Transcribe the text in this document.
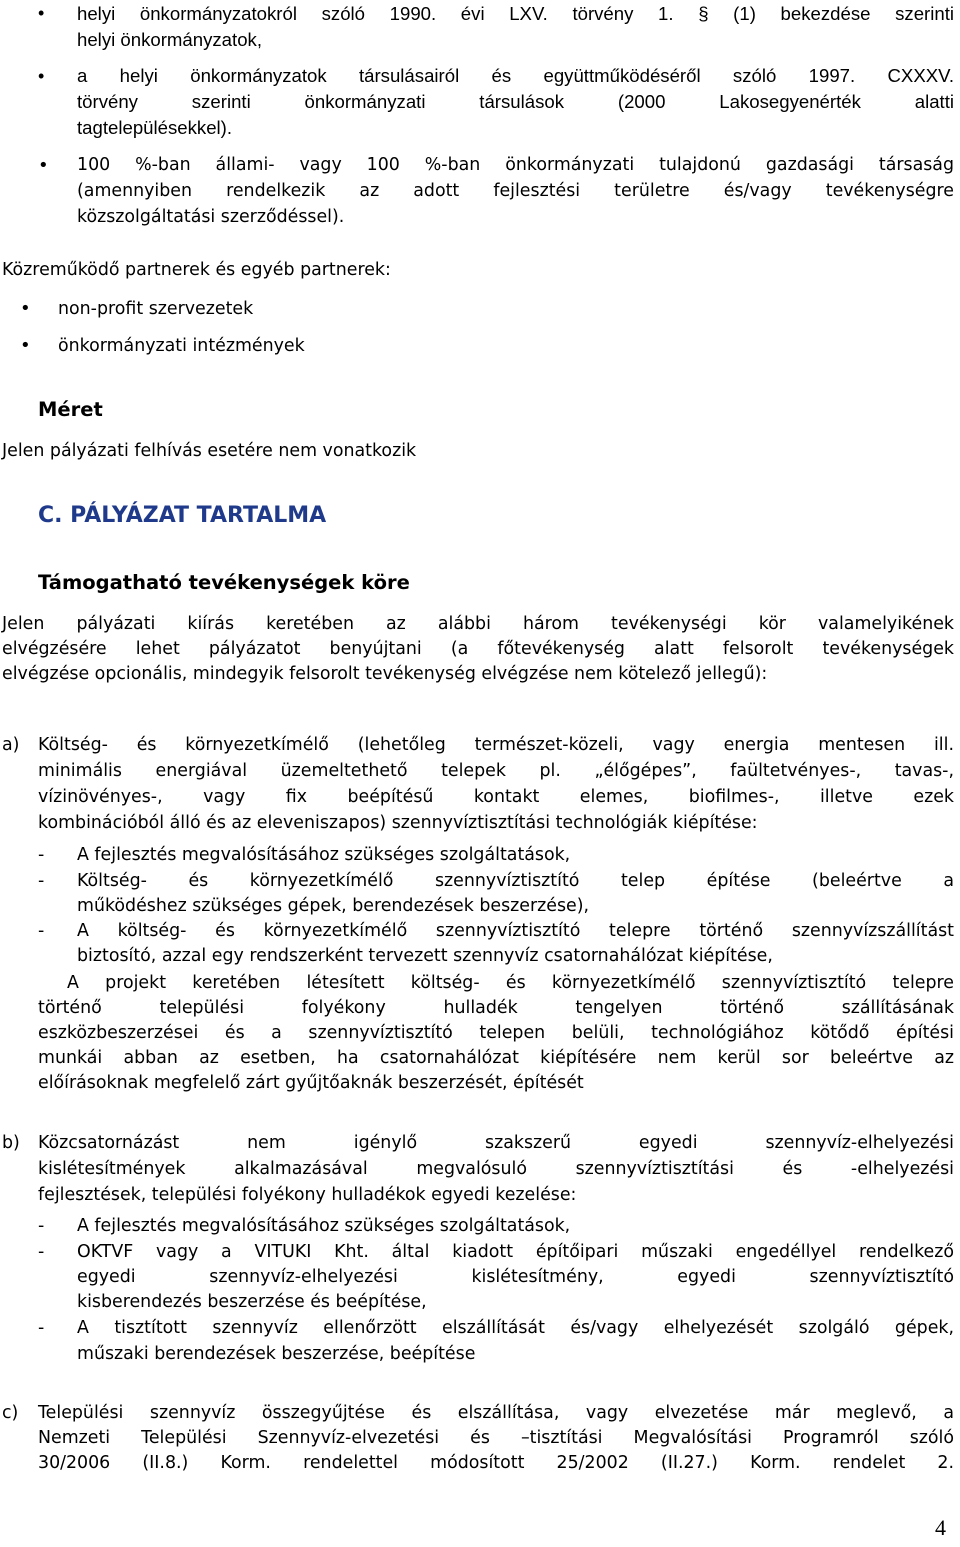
• helyi önkormányzatokról szóló 1990. évi LXV. törvény 1. § (1) bekezdése szerinti
helyi önkormányzatok,
• a helyi önkormányzatok társulásairól és együttműködéséről szóló 1997. CXXXV.
törvény szerinti önkormányzati társulások (2000 Lakosegyenérték alatti
tagtelepülésekkel).
• 100 %-ban állami- vagy 100 %-ban önkormányzati tulajdonú gazdasági társaság
(amennyiben rendelkezik az adott fejlesztési területre és/vagy tevékenységre
közszolgáltatási szerződéssel).
Közreműködő partnerek és egyéb partnerek:
• non-profit szervezetek
• önkormányzati intézmények
Méret
Jelen pályázati felhívás esetére nem vonatkozik
C. PÁLYÁZAT TARTALMA
Támogatható tevékenységek köre
Jelen pályázati kiírás keretében az alábbi három tevékenységi kör valamelyikének
elvégzésére lehet pályázatot benyújtani (a főtevékenység alatt felsorolt tevékenységek
elvégzése opcionális, mindegyik felsorolt tevékenység elvégzése nem kötelező jellegű):
a) Költség- és környezetkímélő (lehetőleg természet-közeli, vagy energia mentesen ill.
minimális energiával üzemeltethető telepek pl. „élőgépes”, faültetvényes-, tavas-,
vízinövényes-, vagy fix beépítésű kontakt elemes, biofilmes-, illetve ezek
kombinációból álló és az eleveniszapos) szennyvíztisztítási technológiák kiépítése:
- A fejlesztés megvalósításához szükséges szolgáltatások,
- Költség- és környezetkímélő szennyvíztisztító telep építése (beleértve a
működéshez szükséges gépek, berendezések beszerzése),
- A költség- és környezetkímélő szennyvíztisztító telepre történő szennyvízszállítást
biztosító, azzal egy rendszerként tervezett szennyvíz csatornahálózat kiépítése,
A projekt keretében létesített költség- és környezetkímélő szennyvíztisztító telepre
történő települési folyékony hulladék tengelyen történő szállításának
eszközbeszerzései és a szennyvíztisztító telepen belüli, technológiához kötődő építési
munkái abban az esetben, ha csatornahálózat kiépítésére nem kerül sor beleértve az
előírásoknak megfelelő zárt gyűjtőaknák beszerzését, építését
b) Közcsatornázást nem igénylő szakszerű egyedi szennyvíz-elhelyezési
kislétesítmények alkalmazásával megvalósuló szennyvíztisztítási és -elhelyezési
fejlesztések, települési folyékony hulladékok egyedi kezelése:
- A fejlesztés megvalósításához szükséges szolgáltatások,
- OKTVF vagy a VITUKI Kht. által kiadott építőipari műszaki engedéllyel rendelkező
egyedi szennyvíz-elhelyezési kislétesítmény, egyedi szennyvíztisztító
kisberendezés beszerzése és beépítése,
- A tisztított szennyvíz ellenőrzött elszállítását és/vagy elhelyezését szolgáló gépek,
műszaki berendezések beszerzése, beépítése
c) Települési szennyvíz összegyűjtése és elszállítása, vagy elvezetése már meglevő, a
Nemzeti Települési Szennyvíz-elvezetési és –tisztítási Megvalósítási Programról szóló
30/2006 (II.8.) Korm. rendelettel módosított 25/2002 (II.27.) Korm. rendelet 2.
4
